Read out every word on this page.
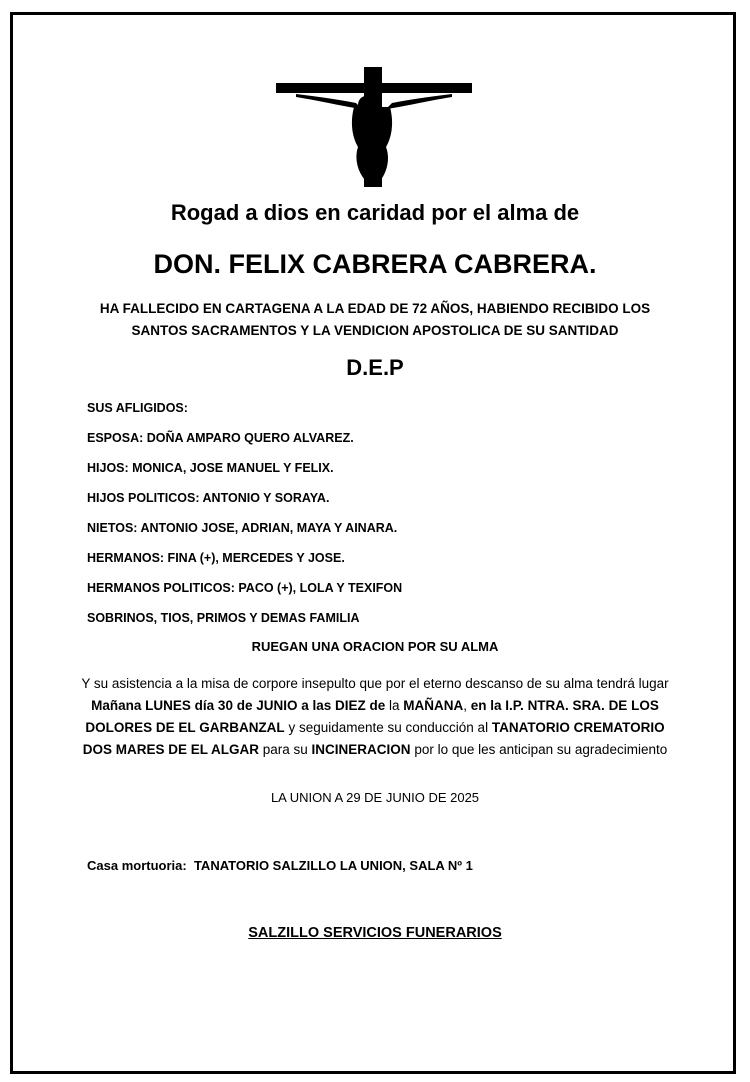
Rogad a dios en caridad por el alma de
DON. FELIX CABRERA CABRERA.
HA FALLECIDO EN CARTAGENA A LA EDAD DE 72 AÑOS, HABIENDO RECIBIDO LOS
SANTOS SACRAMENTOS Y LA VENDICION APOSTOLICA DE SU SANTIDAD
D.E.P
SUS AFLIGIDOS:
ESPOSA: DOÑA AMPARO QUERO ALVAREZ.
HIJOS: MONICA, JOSE MANUEL Y FELIX.
HIJOS POLITICOS: ANTONIO Y SORAYA.
NIETOS: ANTONIO JOSE, ADRIAN, MAYA Y AINARA.
HERMANOS: FINA (+), MERCEDES Y JOSE.
HERMANOS POLITICOS: PACO (+), LOLA Y TEXIFON
SOBRINOS, TIOS, PRIMOS Y DEMAS FAMILIA
RUEGAN UNA ORACION POR SU ALMA
Y su asistencia a la misa de corpore insepulto que por el eterno descanso de su alma tendrá lugar Mañana LUNES día 30 de JUNIO a las DIEZ de la MAÑANA, en la I.P. NTRA. SRA. DE LOS DOLORES DE EL GARBANZAL y seguidamente su conducción al TANATORIO CREMATORIO DOS MARES DE EL ALGAR para su INCINERACION por lo que les anticipan su agradecimiento
LA UNION A 29 DE JUNIO DE 2025
Casa mortuoria: TANATORIO SALZILLO LA UNION, SALA Nº 1
SALZILLO SERVICIOS FUNERARIOS
